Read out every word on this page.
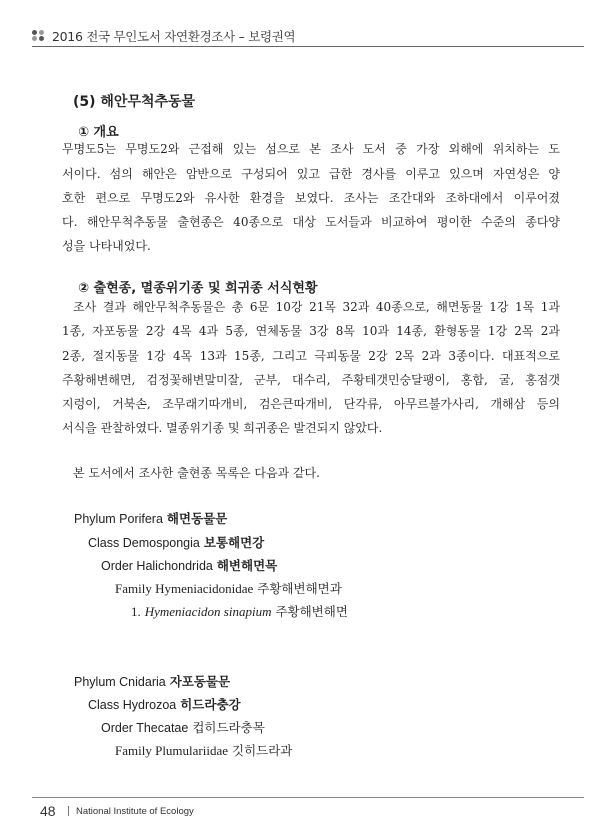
2016 전국 무인도서 자연환경조사 – 보령권역
(5) 해안무척추동물
① 개요
무명도5는 무명도2와 근접해 있는 섬으로 본 조사 도서 중 가장 외해에 위치하는 도
서이다. 섬의 해안은 암반으로 구성되어 있고 급한 경사를 이루고 있으며 자연성은 양
호한 편으로 무명도2와 유사한 환경을 보였다. 조사는 조간대와 조하대에서 이루어졌
다. 해안무척추동물 출현종은 40종으로 대상 도서들과 비교하여 평이한 수준의 종다양
성을 나타내었다.
② 출현종, 멸종위기종 및 희귀종 서식현황
조사 결과 해안무척추동물은 총 6문 10강 21목 32과 40종으로, 해면동물 1강 1목 1과
1종, 자포동물 2강 4목 4과 5종, 연체동물 3강 8목 10과 14종, 환형동물 1강 2목 2과
2종, 절지동물 1강 4목 13과 15종, 그리고 극피동물 2강 2목 2과 3종이다. 대표적으로
주황해변해면, 검정꽃해변말미잘, 군부, 대수리, 주황테갯민숭달팽이, 홍합, 굴, 홍점갯
지렁이, 거북손, 조무래기따개비, 검은큰따개비, 단각류, 아무르불가사리, 개해삼 등의
서식을 관찰하였다. 멸종위기종 및 희귀종은 발견되지 않았다.
본 도서에서 조사한 출현종 목록은 다음과 같다.
Phylum Porifera 해면동물문
Class Demospongia 보통해면강
Order Halichondrida 해변해면목
Family Hymeniacidonidae 주황해변해면과
1. Hymeniacidon sinapium 주황해변해면
Phylum Cnidaria 자포동물문
Class Hydrozoa 히드라충강
Order Thecatae 컵히드라충목
Family Plumulariidae 깃히드라과
48 National Institute of Ecology
